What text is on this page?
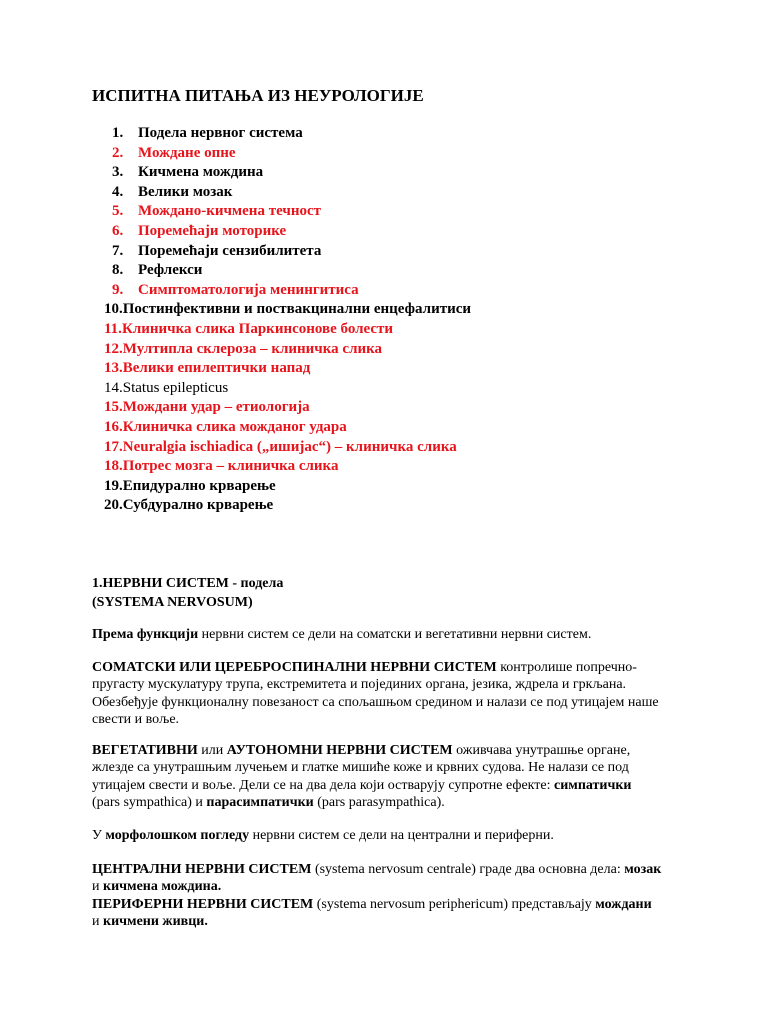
ИСПИТНА ПИТАЊА ИЗ НЕУРОЛОГИЈЕ
1. Подела нервног система
2. Мождане опне
3. Кичмена мождина
4. Велики мозак
5. Мождано-кичмена течност
6. Поремећаји моторике
7. Поремећаји сензибилитета
8. Рефлекси
9. Симптоматологија менингитиса
10. Постинфективни и поствакцинални енцефалитиси
11. Клиничка слика Паркинсонове болести
12. Мултипла склероза – клиничка слика
13. Велики епилептички напад
14. Status epilepticus
15. Мождани удар – етиологија
16. Клиничка слика можданог удара
17. Neuralgia ischiadica („ишијас“) – клиничка слика
18. Потрес мозга – клиничка слика
19. Епидурално крварење
20. Субдурално крварење
1.НЕРВНИ СИСТЕМ - подела
(SYSTEMA NERVOSUM)

Према функцији нервни систем се дели на соматски и вегетативни нервни систем.

СОМАТСКИ ИЛИ ЦЕРЕБРОСПИНАЛНИ НЕРВНИ СИСТЕМ контролише попречно-пругасту мускулатуру трупа, екстремитета и појединих органа, језика, ждрела и гркљана. Обезбеђује функционалну повезаност са спољашњом средином и налази се под утицајем наше свести и воље.

ВЕГЕТАТИВНИ или АУТОНОМНИ НЕРВНИ СИСТЕМ оживчава унутрашње органе, жлезде са унутрашњим лучењем и глатке мишиће коже и крвних судова. Не налази се под утицајем свести и воље. Дели се на два дела који остварују супротне ефекте: симпатички (pars sympathica) и парасимпатички (pars parasympathica).

У морфолошком погледу нервни систем се дели на централни и периферни.

ЦЕНТРАЛНИ НЕРВНИ СИСТЕМ (systema nervosum centrale) граде два основна дела: мозак и кичмена мождина.
ПЕРИФЕРНИ НЕРВНИ СИСТЕМ (systema nervosum periphericum) представљају мождани и кичмени живци.
